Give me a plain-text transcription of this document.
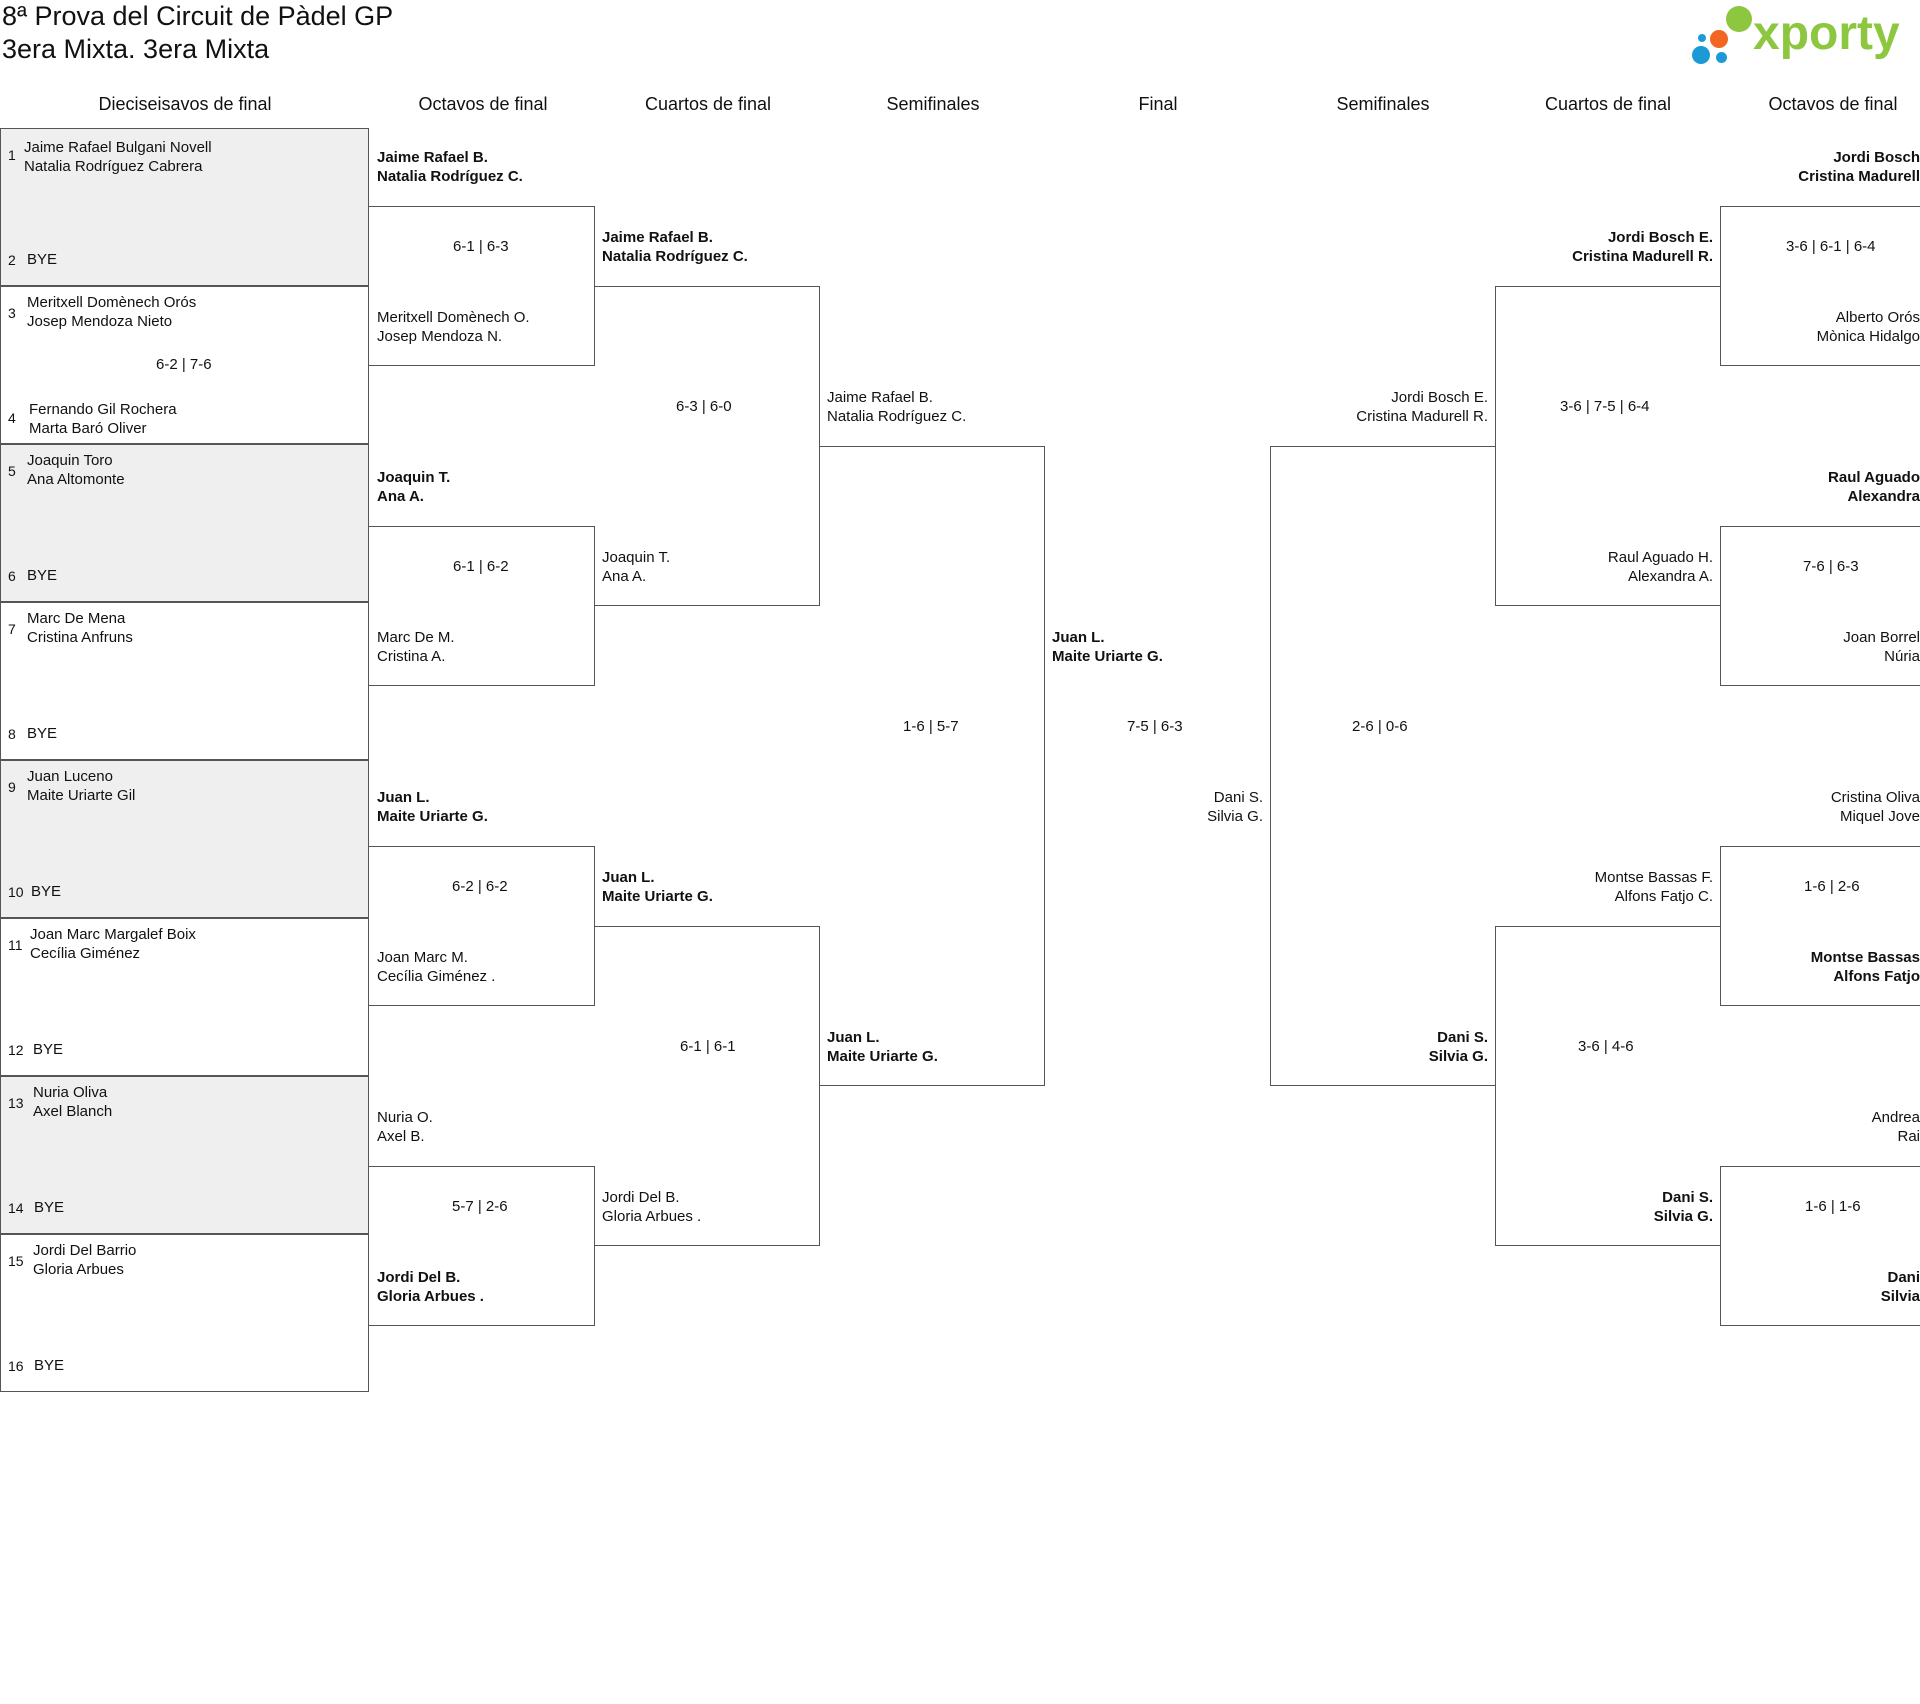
8ª Prova del Circuit de Pàdel GP
3era Mixta. 3era Mixta	xporty
Dieciseisavos de final	Octavos de final	Cuartos de final	Semifinales	Final	Semifinales	Cuartos de final	Octavos de final
1 Jaime Rafael Bulgani Novell
Natalia Rodríguez Cabrera
2 BYE
3
Meritxell Domènech Orós
Josep Mendoza Nieto
6-2 | 7-6
4 Fernando Gil Rochera
Marta Baró Oliver
5
Joaquin Toro
Ana Altomonte
6 BYE
7
Marc De Mena
Cristina Anfruns
8 BYE
9
Juan Luceno
Maite Uriarte Gil
10 BYE
11
Joan Marc Margalef Boix
Cecília Giménez
12 BYE
13
Nuria Oliva
Axel Blanch
14 BYE
15
Jordi Del Barrio
Gloria Arbues
16 BYE
Jaime Rafael B.
Natalia Rodríguez C.
6-1 | 6-3
Meritxell Domènech O.
Josep Mendoza N.
Joaquin T.
Ana A.
6-1 | 6-2
Marc De M.
Cristina A.
Juan L.
Maite Uriarte G.
6-2 | 6-2
Joan Marc M.
Cecília Giménez .
Nuria O.
Axel B.
5-7 | 2-6
Jordi Del B.
Gloria Arbues .
Jaime Rafael B.
Natalia Rodríguez C.
6-3 | 6-0
Joaquin T.
Ana A.
Juan L.
Maite Uriarte G.
6-1 | 6-1
Jordi Del B.
Gloria Arbues .
Jaime Rafael B.
Natalia Rodríguez C.
1-6 | 5-7
Juan L.
Maite Uriarte G.
Juan L.
Maite Uriarte G.
7-5 | 6-3
Dani S.
Silvia G.
Jordi Bosch E.
Cristina Madurell R.
2-6 | 0-6
Dani S.
Silvia G.
Jordi Bosch E.
Cristina Madurell R.
3-6 | 7-5 | 6-4
Raul Aguado H.
Alexandra A.
Montse Bassas F.
Alfons Fatjo C.
3-6 | 4-6
Dani S.
Silvia G.
Jordi Bosch
Cristina Madurell
3-6 | 6-1 | 6-4
Alberto Orós
Mònica Hidalgo
Raul Aguado
Alexandra
7-6 | 6-3
Joan Borrel
Núria
Cristina Oliva
Miquel Jove
1-6 | 2-6
Montse Bassas
Alfons Fatjo
Andrea
Rai
1-6 | 1-6
Dani
Silvia
